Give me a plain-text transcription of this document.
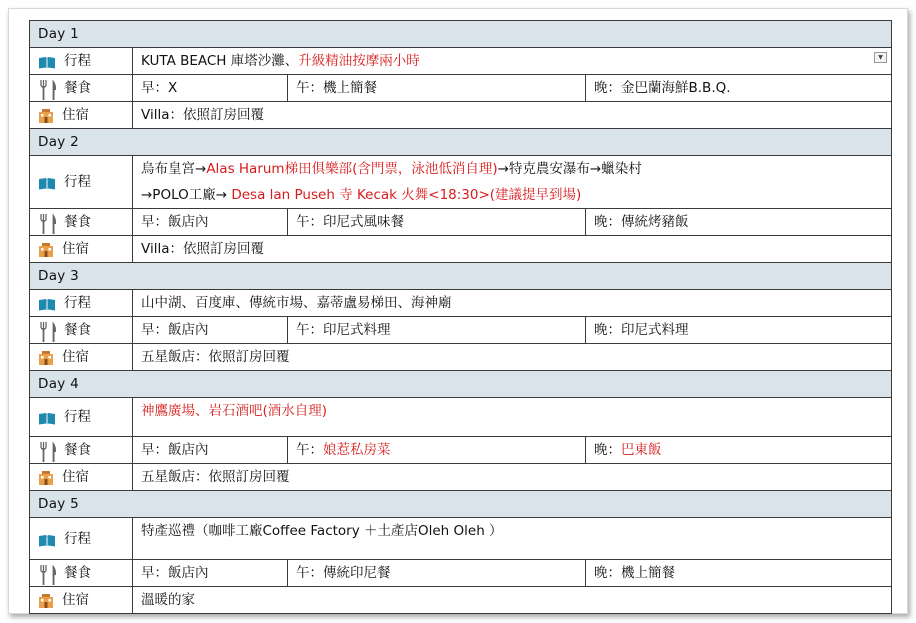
Day 1			

行程	KUTA BEACH 庫塔沙灘、升級精油按摩兩小時 ▼		

餐食	早：X	午：機上簡餐	晚：金巴蘭海鮮B.B.Q.

住宿	Villa：依照訂房回覆		
Day 2			

行程	烏布皇宮→Alas Harum梯田俱樂部(含門票，泳池低消自理)→特克農安瀑布→蠟染村
→POLO工廠→ Desa lan Puseh 寺 Kecak 火舞<18:30>(建議提早到場)		

餐食	早：飯店內	午：印尼式風味餐	晚：傳統烤豬飯

住宿	Villa：依照訂房回覆		
Day 3			

行程	山中湖、百度庫、傳統市場、嘉蒂盧易梯田、海神廟		

餐食	早：飯店內	午：印尼式料理	晚：印尼式料理

住宿	五星飯店：依照訂房回覆		
Day 4			

行程	神鷹廣場、岩石酒吧(酒水自理)		

餐食	早：飯店內	午：娘惹私房菜	晚：巴東飯

住宿	五星飯店：依照訂房回覆		
Day 5			

行程	特產巡禮（咖啡工廠Coffee Factory ＋土產店Oleh Oleh ）		

餐食	早：飯店內	午：傳統印尼餐	晚：機上簡餐

住宿	溫暖的家		
